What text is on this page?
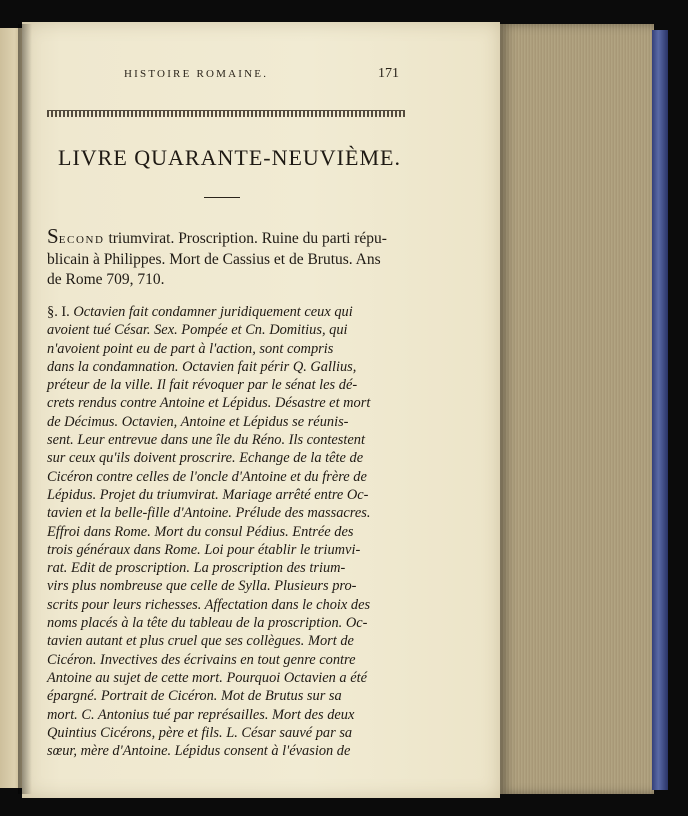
HISTOIRE ROMAINE.	171
LIVRE QUARANTE-NEUVIÈME.
SECOND triumvirat. Proscription. Ruine du parti répu-
blicain à Philippes. Mort de Cassius et de Brutus. Ans
de Rome 709, 710.
§. I. Octavien fait condamner juridiquement ceux qui
avoient tué César. Sex. Pompée et Cn. Domitius, qui
n'avoient point eu de part à l'action, sont compris
dans la condamnation. Octavien fait périr Q. Gallius,
préteur de la ville. Il fait révoquer par le sénat les dé-
crets rendus contre Antoine et Lépidus. Désastre et mort
de Décimus. Octavien, Antoine et Lépidus se réunis-
sent. Leur entrevue dans une île du Réno. Ils contestent
sur ceux qu'ils doivent proscrire. Echange de la tête de
Cicéron contre celles de l'oncle d'Antoine et du frère de
Lépidus. Projet du triumvirat. Mariage arrêté entre Oc-
tavien et la belle-fille d'Antoine. Prélude des massacres.
Effroi dans Rome. Mort du consul Pédius. Entrée des
trois généraux dans Rome. Loi pour établir le triumvi-
rat. Edit de proscription. La proscription des trium-
virs plus nombreuse que celle de Sylla. Plusieurs pro-
scrits pour leurs richesses. Affectation dans le choix des
noms placés à la tête du tableau de la proscription. Oc-
tavien autant et plus cruel que ses collègues. Mort de
Cicéron. Invectives des écrivains en tout genre contre
Antoine au sujet de cette mort. Pourquoi Octavien a été
épargné. Portrait de Cicéron. Mot de Brutus sur sa
mort. C. Antonius tué par représailles. Mort des deux
Quintius Cicérons, père et fils. L. César sauvé par sa
sœur, mère d'Antoine. Lépidus consent à l'évasion de
